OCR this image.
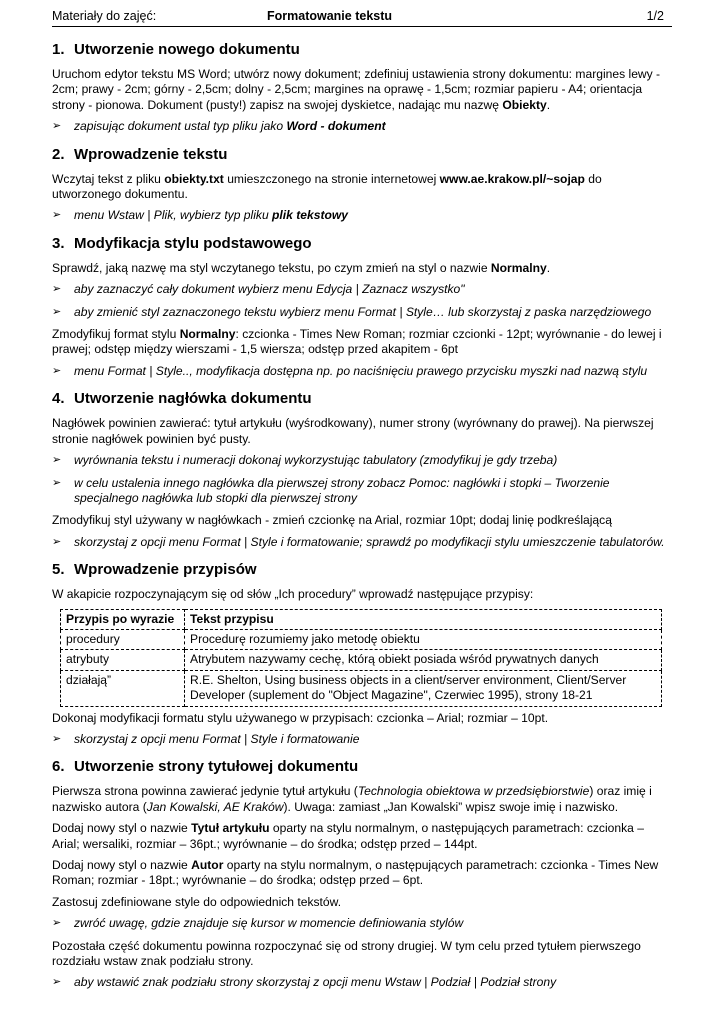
Materiały do zajęć:	Formatowanie tekstu	1/2
1. Utworzenie nowego dokumentu

Uruchom edytor tekstu MS Word; utwórz nowy dokument; zdefiniuj ustawienia strony dokumentu: margines lewy - 2cm; prawy - 2cm; górny - 2,5cm; dolny - 2,5cm; margines na oprawę - 1,5cm; rozmiar papieru - A4; orientacja strony - pionowa. Dokument (pusty!) zapisz na swojej dyskietce, nadając mu nazwę Obiekty.

➢ zapisując dokument ustal typ pliku jako Word - dokument
2. Wprowadzenie tekstu

Wczytaj tekst z pliku obiekty.txt umieszczonego na stronie internetowej www.ae.krakow.pl/~sojap do utworzonego dokumentu.

➢ menu Wstaw | Plik, wybierz typ pliku plik tekstowy
3. Modyfikacja stylu podstawowego

Sprawdź, jaką nazwę ma styl wczytanego tekstu, po czym zmień na styl o nazwie Normalny.

➢ aby zaznaczyć cały dokument wybierz menu Edycja | Zaznacz wszystko"
➢ aby zmienić styl zaznaczonego tekstu wybierz menu Format | Style… lub skorzystaj z paska narzędziowego

Zmodyfikuj format stylu Normalny: czcionka - Times New Roman; rozmiar czcionki - 12pt; wyrównanie - do lewej i prawej; odstęp między wierszami - 1,5 wiersza; odstęp przed akapitem - 6pt

➢ menu Format | Style.., modyfikacja dostępna np. po naciśnięciu prawego przycisku myszki nad nazwą stylu
4. Utworzenie nagłówka dokumentu

Nagłówek powinien zawierać: tytuł artykułu (wyśrodkowany), numer strony (wyrównany do prawej). Na pierwszej stronie nagłówek powinien być pusty.

➢ wyrównania tekstu i numeracji dokonaj wykorzystując tabulatory (zmodyfikuj je gdy trzeba)
➢ w celu ustalenia innego nagłówka dla pierwszej strony zobacz Pomoc: nagłówki i stopki – Tworzenie specjalnego nagłówka lub stopki dla pierwszej strony

Zmodyfikuj styl używany w nagłówkach - zmień czcionkę na Arial, rozmiar 10pt; dodaj linię podkreślającą

➢ skorzystaj z opcji menu Format | Style i formatowanie; sprawdź po modyfikacji stylu umieszczenie tabulatorów.
5. Wprowadzenie przypisów

W akapicie rozpoczynającym się od słów „Ich procedury” wprowadź następujące przypisy:

Przypis po wyrazie	Tekst przypisu
procedury	Procedurę rozumiemy jako metodę obiektu
atrybuty	Atrybutem nazywamy cechę, którą obiekt posiada wśród prywatnych danych
działają”	R.E. Shelton, Using business objects in a client/server environment, Client/Server Developer (suplement do "Object Magazine", Czerwiec 1995), strony 18-21

Dokonaj modyfikacji formatu stylu używanego w przypisach: czcionka – Arial; rozmiar – 10pt.

➢ skorzystaj z opcji menu Format | Style i formatowanie
6. Utworzenie strony tytułowej dokumentu

Pierwsza strona powinna zawierać jedynie tytuł artykułu (Technologia obiektowa w przedsiębiorstwie) oraz imię i nazwisko autora (Jan Kowalski, AE Kraków). Uwaga: zamiast „Jan Kowalski” wpisz swoje imię i nazwisko.

Dodaj nowy styl o nazwie Tytuł artykułu oparty na stylu normalnym, o następujących parametrach: czcionka – Arial; wersaliki, rozmiar – 36pt.; wyrównanie – do środka; odstęp przed – 144pt.

Dodaj nowy styl o nazwie Autor oparty na stylu normalnym, o następujących parametrach: czcionka - Times New Roman; rozmiar - 18pt.; wyrównanie – do środka; odstęp przed – 6pt.

Zastosuj zdefiniowane style do odpowiednich tekstów.

➢ zwróć uwagę, gdzie znajduje się kursor w momencie definiowania stylów

Pozostała część dokumentu powinna rozpoczynać się od strony drugiej. W tym celu przed tytułem pierwszego rozdziału wstaw znak podziału strony.

➢ aby wstawić znak podziału strony skorzystaj z opcji menu Wstaw | Podział | Podział strony
